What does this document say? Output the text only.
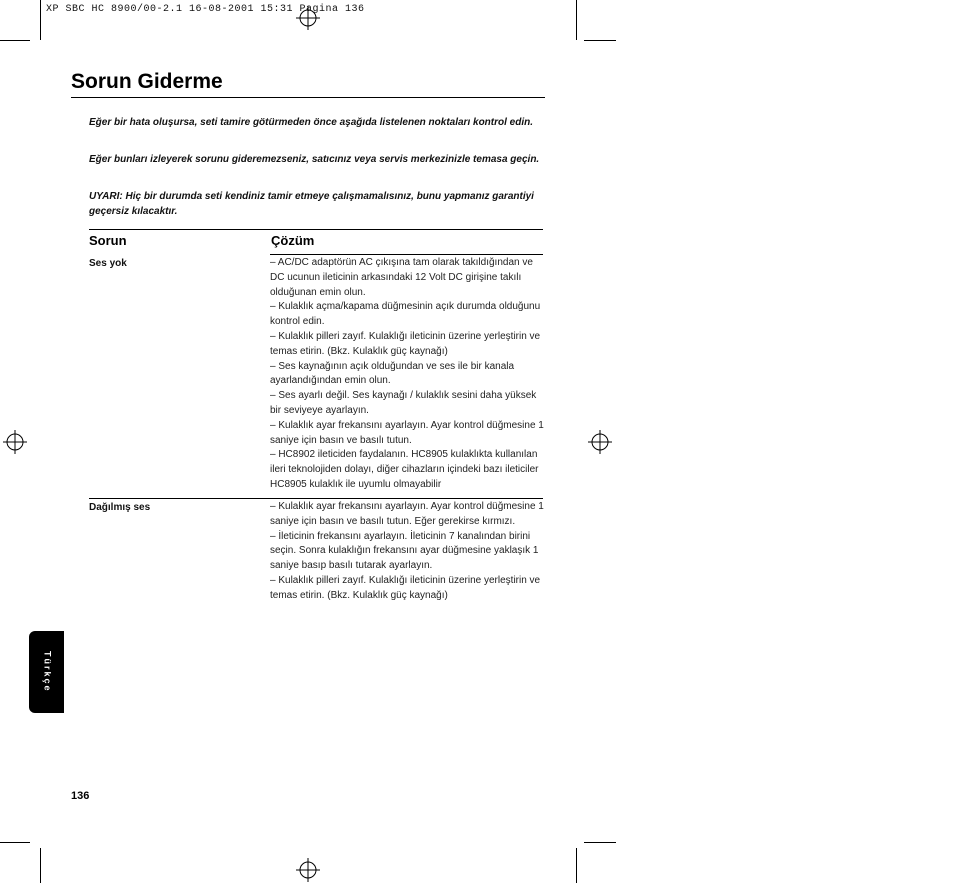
XP SBC HC 8900/00-2.1 16-08-2001 15:31 Pagina 136
Sorun Giderme
Eğer bir hata oluşursa, seti tamire götürmeden önce aşağıda listelenen noktaları kontrol edin.
Eğer bunları izleyerek sorunu gideremezseniz, satıcınız veya servis merkezinizle temasa geçin.
UYARI: Hiç bir durumda seti kendiniz tamir etmeye çalışmamalısınız, bunu yapmanız garantiyi geçersiz kılacaktır.
Sorun	Çözüm
Ses yok	– AC/DC adaptörün AC çıkışına tam olarak takıldığından ve DC ucunun ileticinin arkasındaki 12 Volt DC girişine takılı olduğunan emin olun.

– Kulaklık açma/kapama düğmesinin açık durumda olduğunu kontrol edin.

– Kulaklık pilleri zayıf. Kulaklığı ileticinin üzerine yerleştirin ve temas etirin. (Bkz. Kulaklık güç kaynağı)

– Ses kaynağının açık olduğundan ve ses ile bir kanala ayarlandığından emin olun.

– Ses ayarlı değil. Ses kaynağı / kulaklık sesini daha yüksek bir seviyeye ayarlayın.

– Kulaklık ayar frekansını ayarlayın. Ayar kontrol düğmesine 1 saniye için basın ve basılı tutun.

– HC8902 ileticiden faydalanın. HC8905 kulaklıkta kullanılan ileri teknolojiden dolayı, diğer cihazların içindeki bazı ileticiler HC8905 kulaklık ile uyumlu olmayabilir

Dağılmış ses	– Kulaklık ayar frekansını ayarlayın. Ayar kontrol düğmesine 1 saniye için basın ve basılı tutun. Eğer gerekirse kırmızı.

– İleticinin frekansını ayarlayın. İleticinin 7 kanalından birini seçin. Sonra kulaklığın frekansını ayar düğmesine yaklaşık 1 saniye basıp basılı tutarak ayarlayın.

– Kulaklık pilleri zayıf. Kulaklığı ileticinin üzerine yerleştirin ve temas etirin. (Bkz. Kulaklık güç kaynağı)

Türkçe
136
